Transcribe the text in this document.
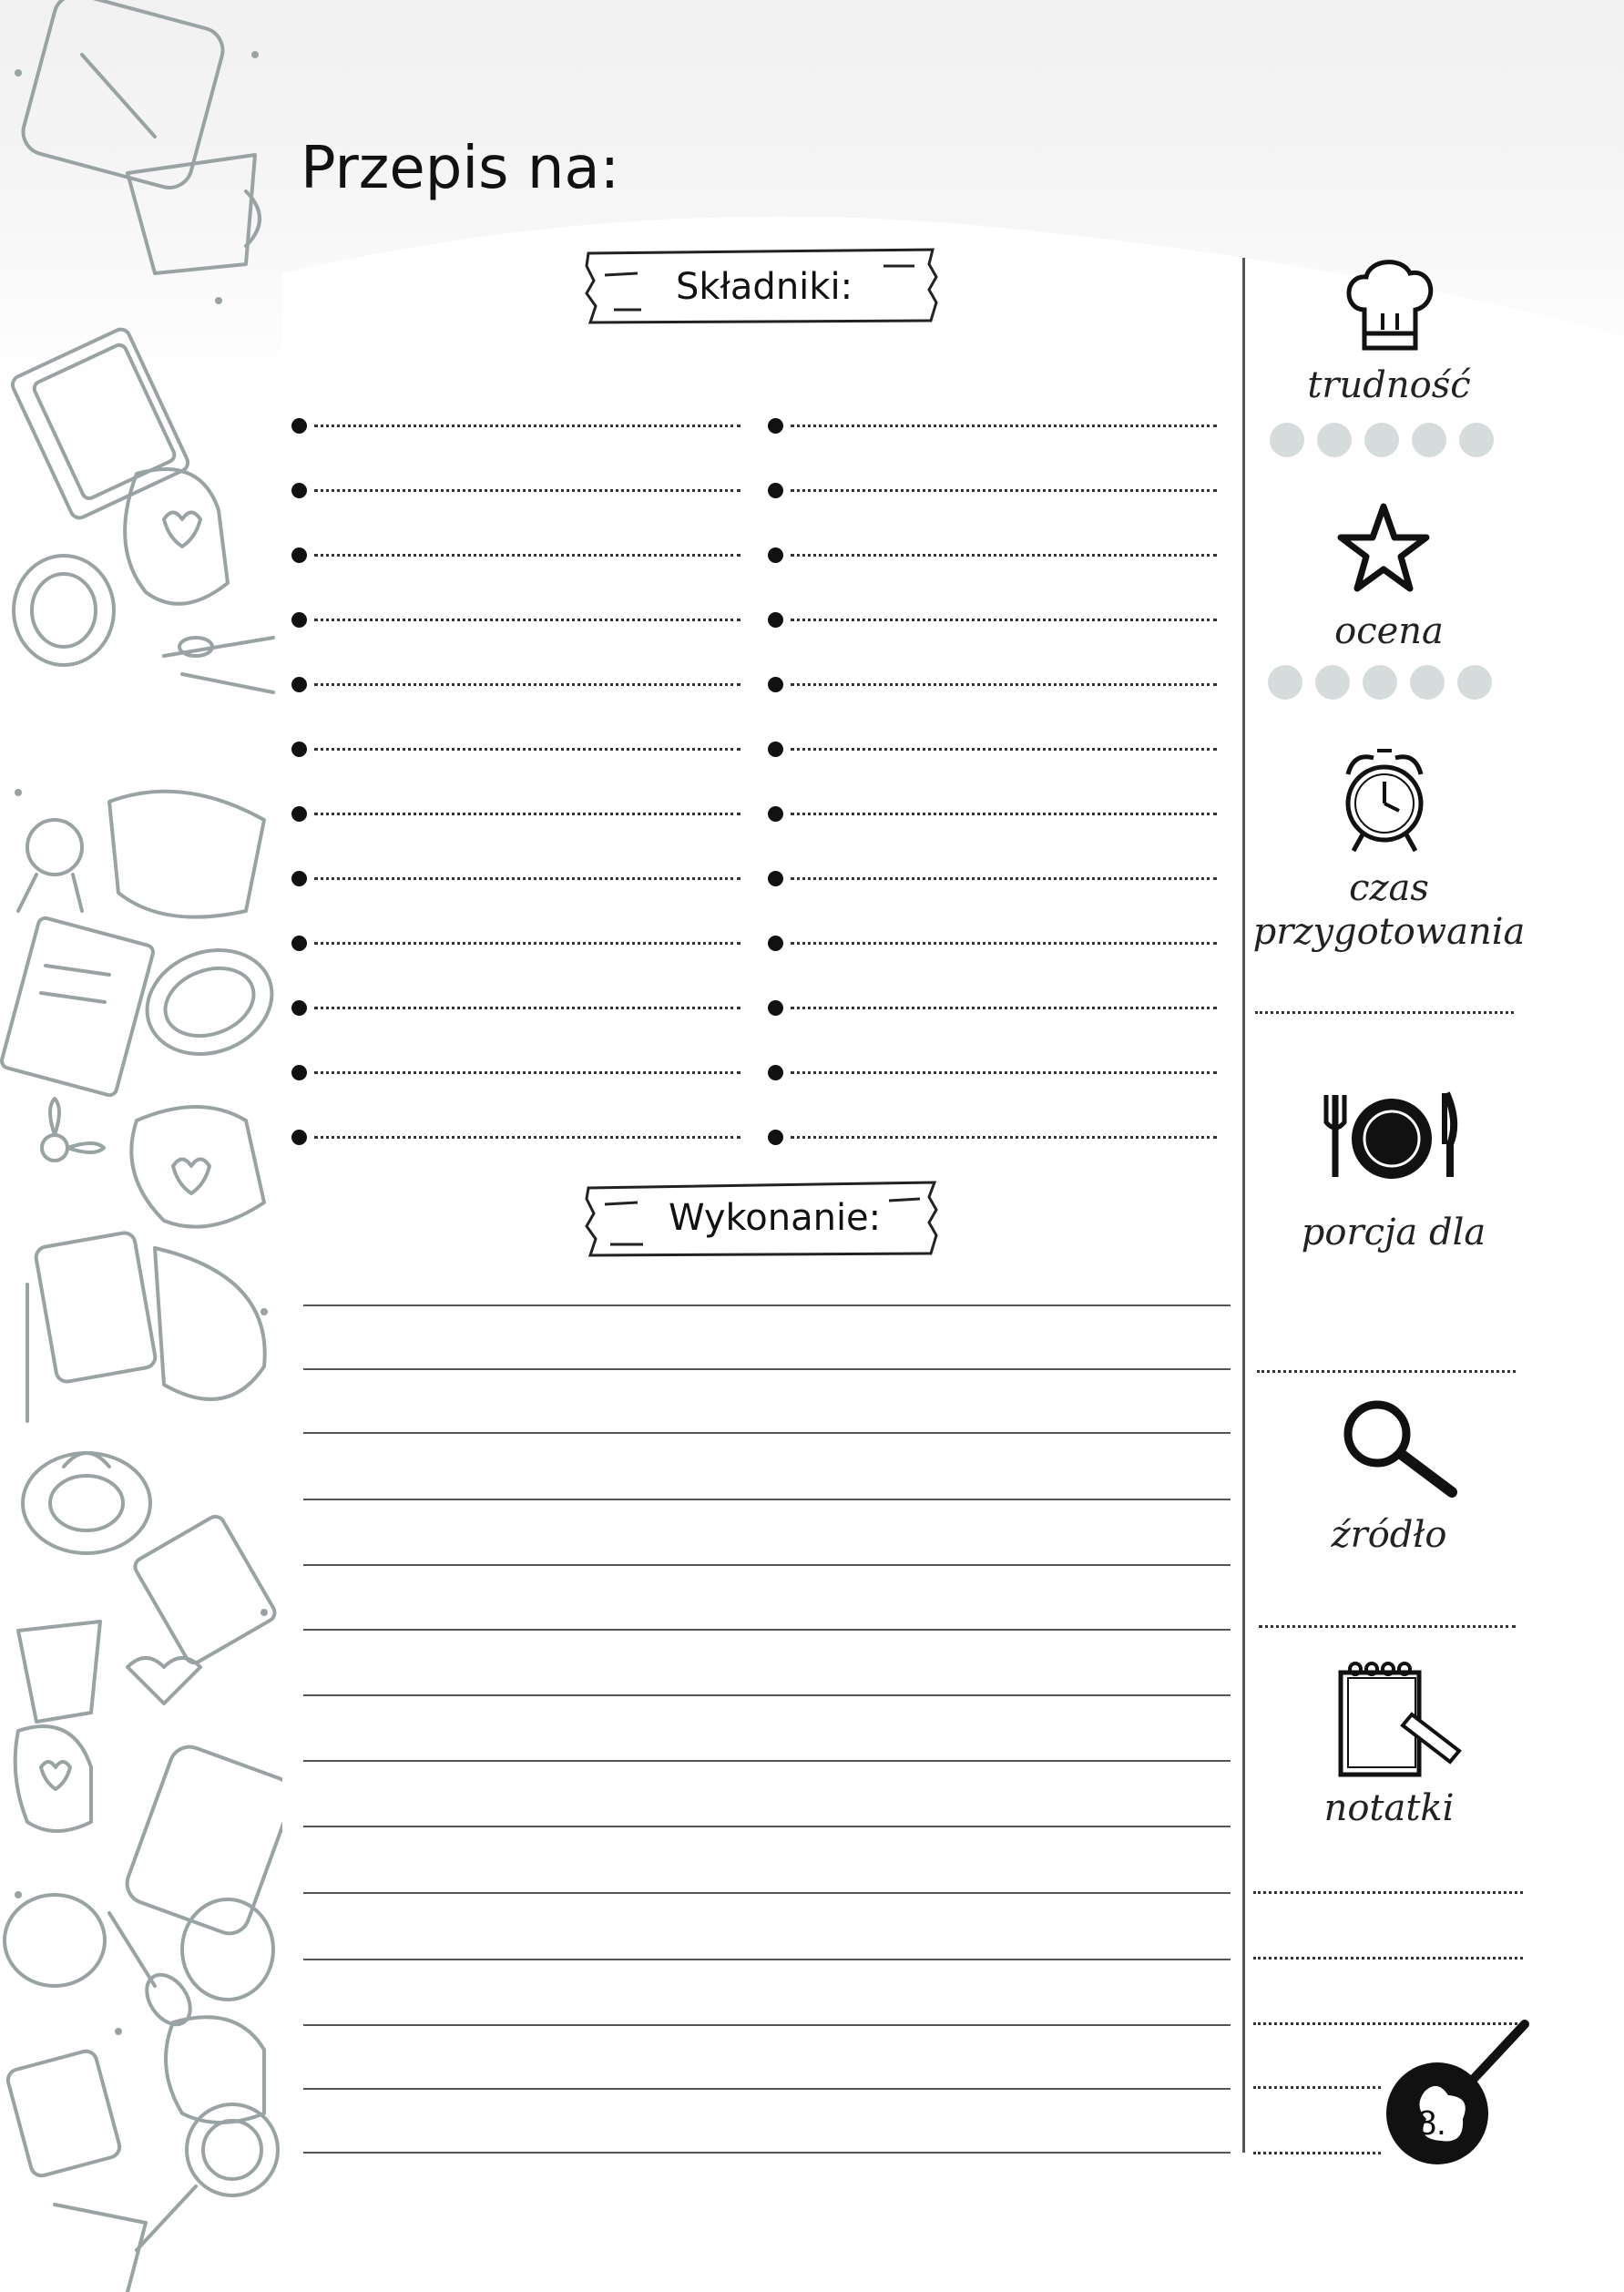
Przepis na:
Składniki:
Wykonanie:
trudność
ocena
czas
przygotowania
porcja dla
źródło
notatki
8.
